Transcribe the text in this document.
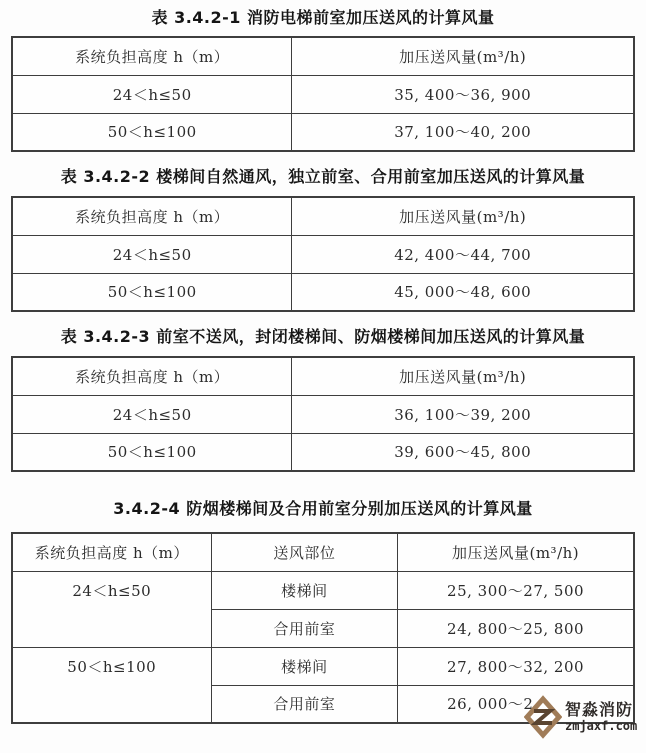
表 3.4.2-1 消防电梯前室加压送风的计算风量
系统负担高度 h（m）	加压送风量(m³/h)
24＜h≤50	35, 400～36, 900
50＜h≤100	37, 100～40, 200
表 3.4.2-2 楼梯间自然通风，独立前室、合用前室加压送风的计算风量
系统负担高度 h（m）	加压送风量(m³/h)
24＜h≤50	42, 400～44, 700
50＜h≤100	45, 000～48, 600
表 3.4.2-3 前室不送风，封闭楼梯间、防烟楼梯间加压送风的计算风量
系统负担高度 h（m）	加压送风量(m³/h)
24＜h≤50	36, 100～39, 200
50＜h≤100	39, 600～45, 800
3.4.2-4 防烟楼梯间及合用前室分别加压送风的计算风量
系统负担高度 h（m）	送风部位	加压送风量(m³/h)
24＜h≤50	楼梯间	25, 300～27, 500
	合用前室	24, 800～25, 800
50＜h≤100	楼梯间	27, 800～32, 200
	合用前室	26, 000～2 智淼消防
zmjaxf.com
